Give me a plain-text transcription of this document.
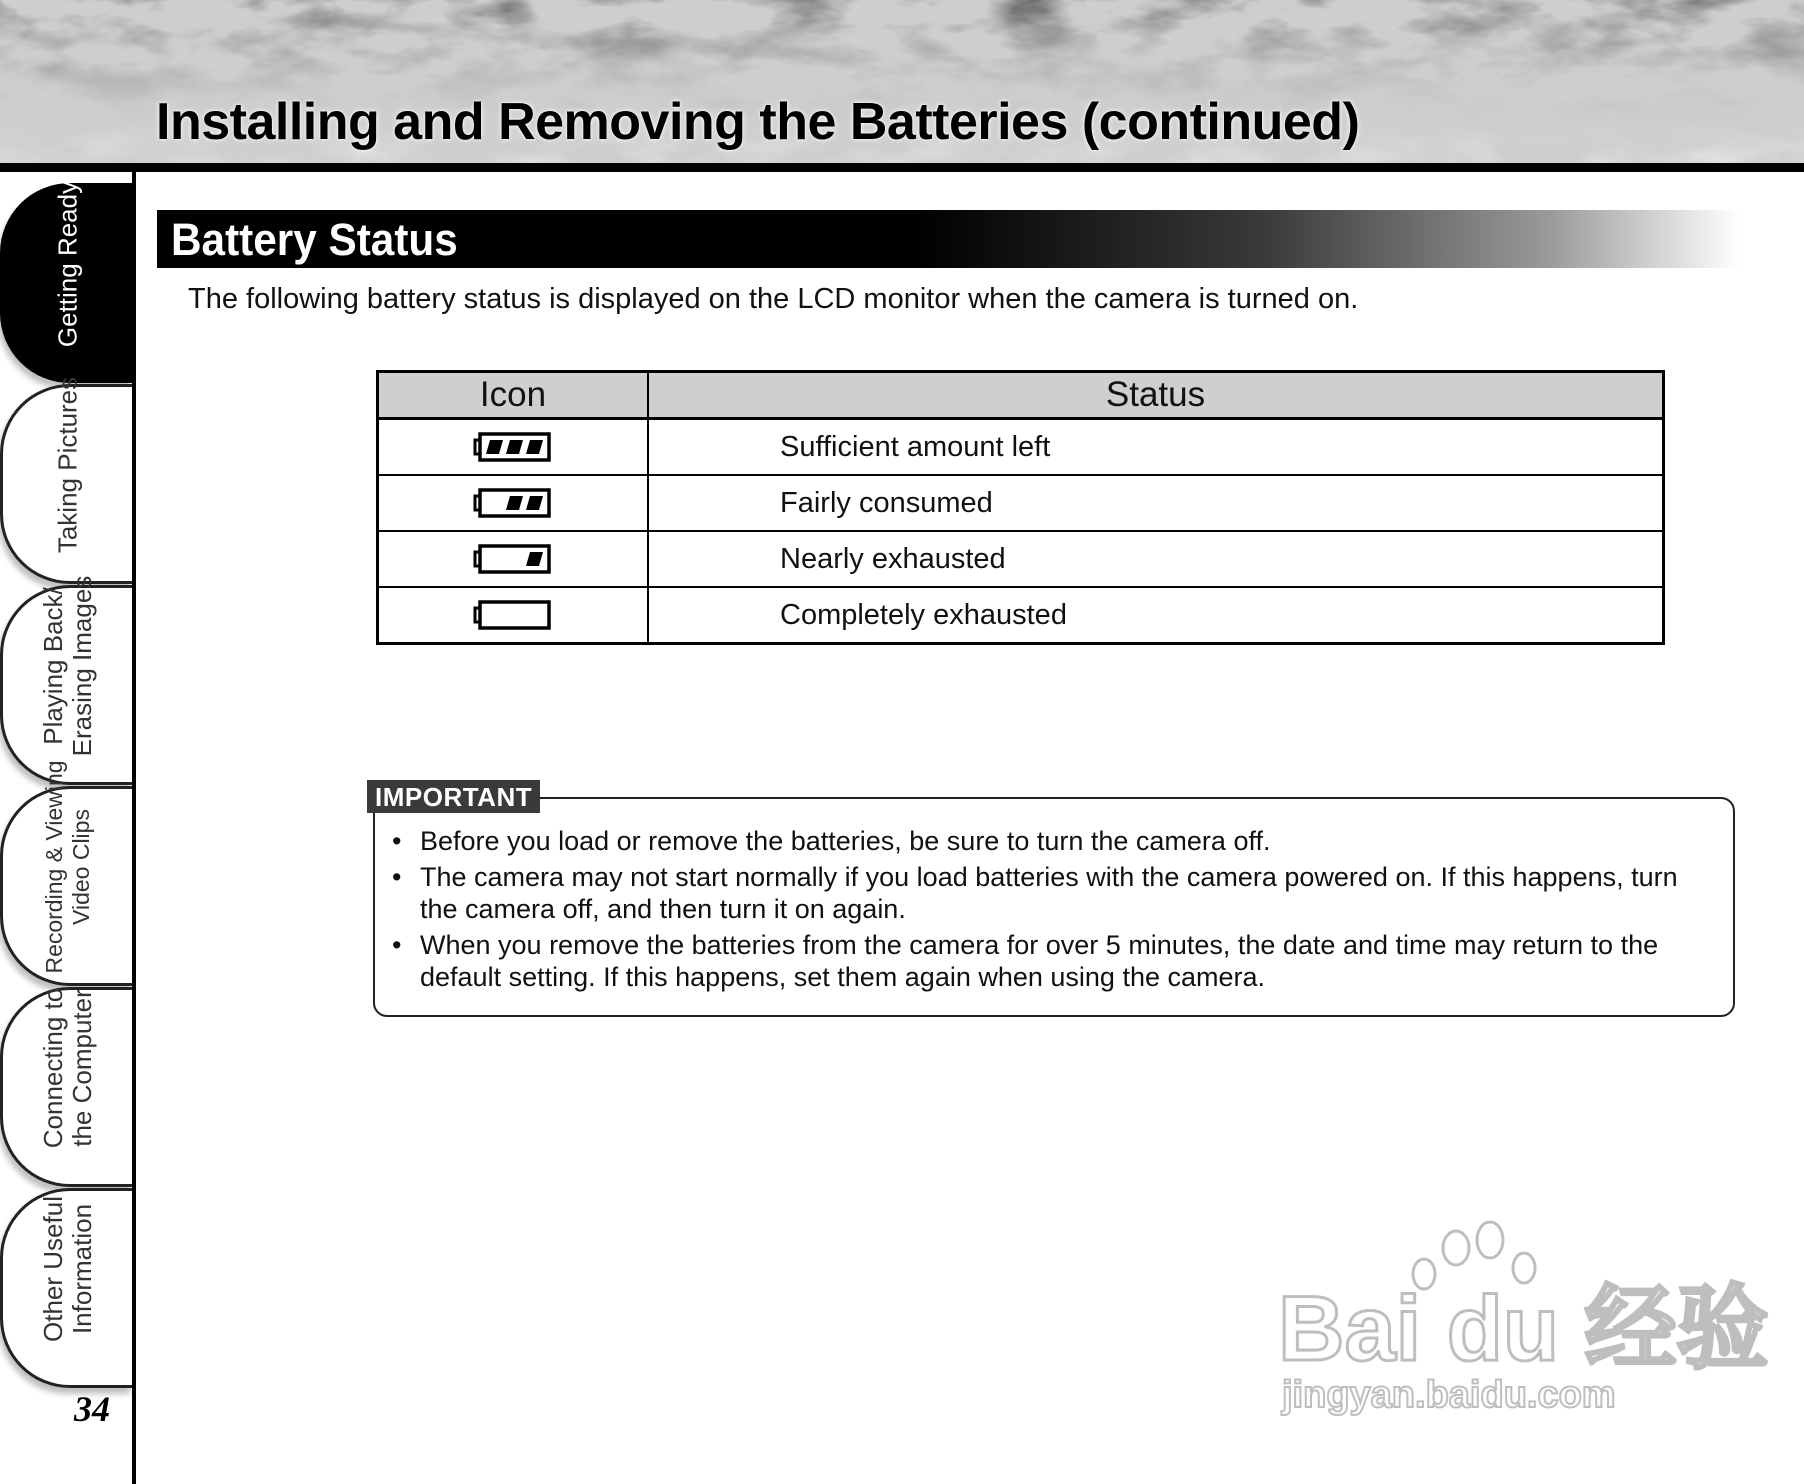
Installing and Removing the Batteries (continued)
Getting Ready
Taking Pictures
Playing Back/ Erasing Images
Recording & Viewing Video Clips
Connecting to the Computer
Other Useful Information
34
Battery Status

The following battery status is displayed on the LCD monitor when the camera is turned on.

Icon	Status

	Sufficient amount left

	Fairly consumed

	Nearly exhausted

	Completely exhausted
IMPORTANT
• Before you load or remove the batteries, be sure to turn the camera off.
• The camera may not start normally if you load batteries with the camera powered on. If this happens, turn the camera off, and then turn it on again.
• When you remove the batteries from the camera for over 5 minutes, the date and time may return to the default setting. If this happens, set them again when using the camera.
Bai du 经验
jingyan.baidu.com
